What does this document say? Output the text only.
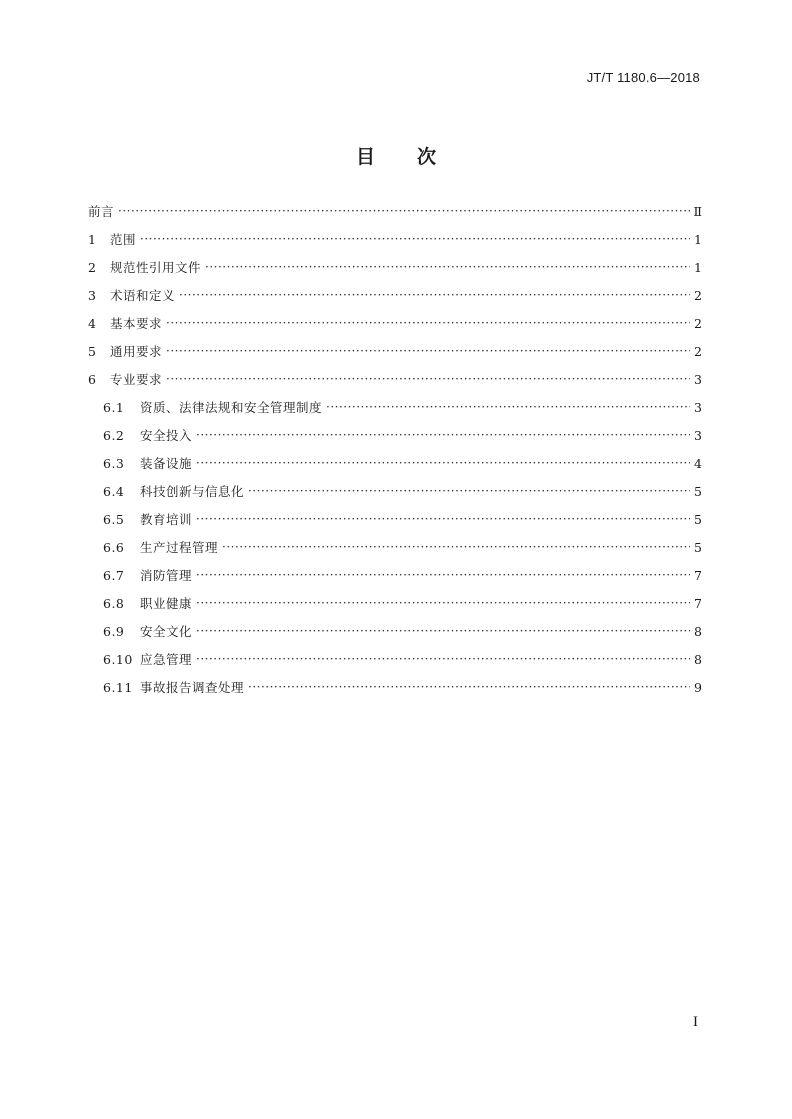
JT/T 1180.6—2018
目 次
前言 ·····	Ⅱ
1	范围 ·····	1
2	规范性引用文件 ·····	1
3	术语和定义 ·····	2
4	基本要求 ·····	2
5	通用要求 ·····	2
6	专业要求 ·····	3
6.1	资质、法律法规和安全管理制度 ·····	3
6.2	安全投入 ·····	3
6.3	装备设施 ·····	4
6.4	科技创新与信息化 ·····	5
6.5	教育培训 ·····	5
6.6	生产过程管理 ·····	5
6.7	消防管理 ·····	7
6.8	职业健康 ·····	7
6.9	安全文化 ·····	8
6.10 应急管理 ·····	8
6.11 事故报告调查处理 ·····	9
I
